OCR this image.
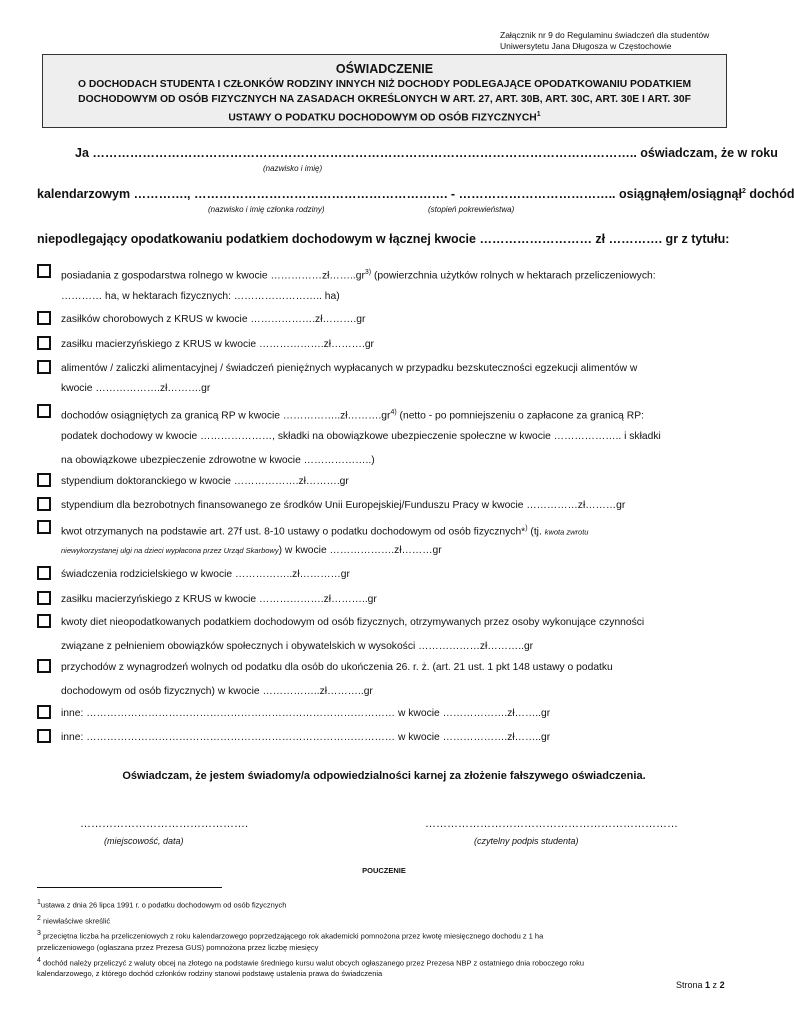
Załącznik nr 9 do Regulaminu świadczeń dla studentów
Uniwersytetu Jana Długosza w Częstochowie
OŚWIADCZENIE
O DOCHODACH STUDENTA I CZŁONKÓW RODZINY INNYCH NIŻ DOCHODY PODLEGAJĄCE OPODATKOWANIU PODATKIEM
DOCHODOWYM OD OSÓB FIZYCZNYCH NA ZASADACH OKREŚLONYCH W ART. 27, ART. 30B, ART. 30C, ART. 30E I ART. 30F
USTAWY O PODATKU DOCHODOWYM OD OSÓB FIZYCZNYCH$^1$
Ja ………………………………………………………………………………………………………………….. oświadczam, że w roku
(nazwisko i imię)
kalendarzowym …………., ……………………………………………………. - ……………………………….. osiągnąłem/osiągnął$^2$ dochód
(nazwisko i imię członka rodziny)	(stopień pokrewieństwa)
niepodlegający opodatkowaniu podatkiem dochodowym w łącznej kwocie ……………………… zł …………. gr z tytułu:
posiadania z gospodarstwa rolnego w kwocie $\dots\dots\dots\dots\dots zł\dots\dots..gr^{3)}$ (powierzchnia użytków rolnych w hektarach przeliczeniowych:
………… ha, w hektarach fizycznych: …………………….. ha)
zasiłków chorobowych z KRUS w kwocie ……………….zł……….gr
zasiłku macierzyńskiego z KRUS w kwocie ……………….zł……….gr
alimentów / zaliczki alimentacyjnej / świadczeń pieniężnych wypłacanych w przypadku bezskuteczności egzekucji alimentów w
kwocie ……………….zł……….gr
dochodów osiągniętych za granicą RP w kwocie $\dots\dots\dots\dots\dots..zł\dots\dots\dots.gr^{4)}$ (netto - po pomniejszeniu o zapłacone za granicą RP:
podatek dochodowy w kwocie …………………, składki na obowiązkowe ubezpieczenie społeczne w kwocie ……………….. i składki
na obowiązkowe ubezpieczenie zdrowotne w kwocie ………………..)
stypendium doktoranckiego w kwocie ……………….zł……….gr
stypendium dla bezrobotnych finansowanego ze środków Unii Europejskiej/Funduszu Pracy w kwocie ……………zł………gr
kwot otrzymanych na podstawie art. 27f ust. 8-10 ustawy o podatku dochodowym od osób fizycznych*) (tj. kwota zwrotu
niewykorzystanej ulgi na dzieci wypłacona przez Urząd Skarbowy) w kwocie ……………….zł………gr
świadczenia rodzicielskiego w kwocie ……………..zł…………gr
zasiłku macierzyńskiego z KRUS w kwocie ……………….zł………..gr
kwoty diet nieopodatkowanych podatkiem dochodowym od osób fizycznych, otrzymywanych przez osoby wykonujące czynności
związane z pełnieniem obowiązków społecznych i obywatelskich w wysokości ………………zł………..gr
przychodów z wynagrodzeń wolnych od podatku dla osób do ukończenia 26. r. ż. (art. 21 ust. 1 pkt 148 ustawy o podatku
dochodowym od osób fizycznych) w kwocie ……………..zł………..gr
inne: ……………………………………………………………………………… w kwocie ……………….zł……..gr
inne: ……………………………………………………………………………… w kwocie ……………….zł……..gr
Oświadczam, że jestem świadomy/a odpowiedzialności karnej za złożenie fałszywego oświadczenia.
……………………………………….
(miejscowość, data)
……………………………………………………………
(czytelny podpis studenta)
POUCZENIE
$^1$ustawa z dnia 26 lipca 1991 r. o podatku dochodowym od osób fizycznych
$^2$ niewłaściwe skreślić
$^3$ przeciętna liczba ha przeliczeniowych z roku kalendarzowego poprzedzającego rok akademicki pomnożona przez kwotę miesięcznego dochodu z 1 ha
przeliczeniowego (ogłaszana przez Prezesa GUS) pomnożona przez liczbę miesięcy
$^4$ dochód należy przeliczyć z waluty obcej na złotego na podstawie średniego kursu walut obcych ogłaszanego przez Prezesa NBP z ostatniego dnia roboczego roku
kalendarzowego, z którego dochód członków rodziny stanowi podstawę ustalenia prawa do świadczenia
Strona 1 z 2
